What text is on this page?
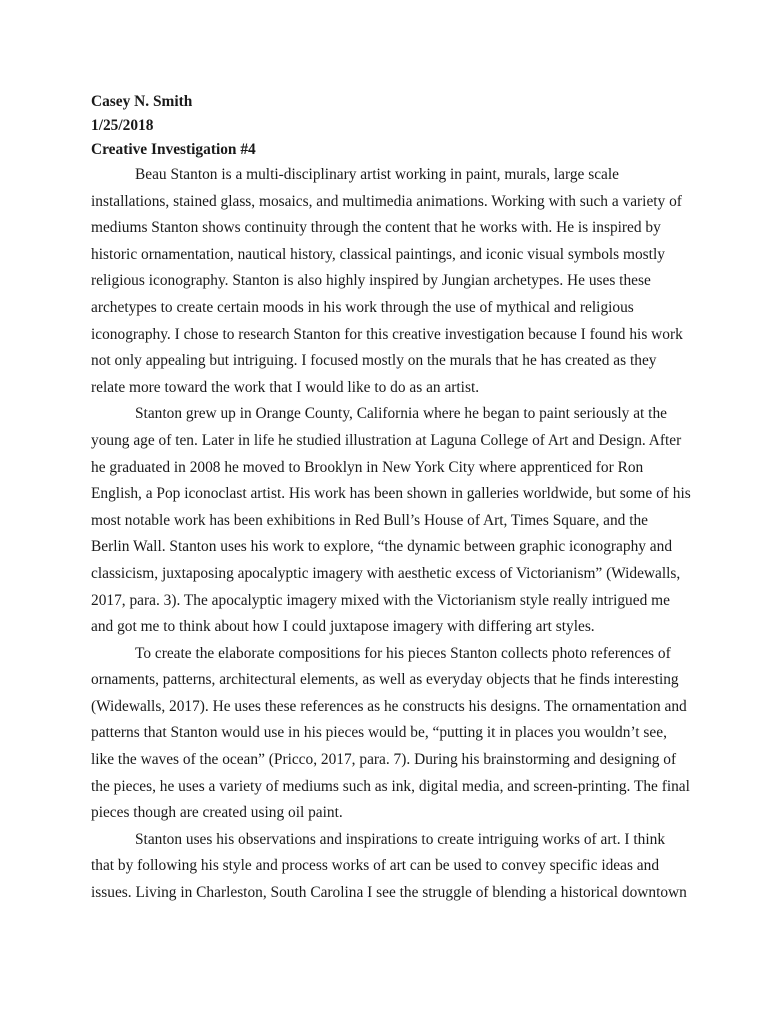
Casey N. Smith
1/25/2018
Creative Investigation #4
Beau Stanton is a multi-disciplinary artist working in paint, murals, large scale
installations, stained glass, mosaics, and multimedia animations. Working with such a variety of
mediums Stanton shows continuity through the content that he works with. He is inspired by
historic ornamentation, nautical history, classical paintings, and iconic visual symbols mostly
religious iconography. Stanton is also highly inspired by Jungian archetypes. He uses these
archetypes to create certain moods in his work through the use of mythical and religious
iconography. I chose to research Stanton for this creative investigation because I found his work
not only appealing but intriguing. I focused mostly on the murals that he has created as they
relate more toward the work that I would like to do as an artist.
Stanton grew up in Orange County, California where he began to paint seriously at the
young age of ten. Later in life he studied illustration at Laguna College of Art and Design. After
he graduated in 2008 he moved to Brooklyn in New York City where apprenticed for Ron
English, a Pop iconoclast artist. His work has been shown in galleries worldwide, but some of his
most notable work has been exhibitions in Red Bull’s House of Art, Times Square, and the
Berlin Wall. Stanton uses his work to explore, “the dynamic between graphic iconography and
classicism, juxtaposing apocalyptic imagery with aesthetic excess of Victorianism” (Widewalls,
2017, para. 3). The apocalyptic imagery mixed with the Victorianism style really intrigued me
and got me to think about how I could juxtapose imagery with differing art styles.
To create the elaborate compositions for his pieces Stanton collects photo references of
ornaments, patterns, architectural elements, as well as everyday objects that he finds interesting
(Widewalls, 2017). He uses these references as he constructs his designs. The ornamentation and
patterns that Stanton would use in his pieces would be, “putting it in places you wouldn’t see,
like the waves of the ocean” (Pricco, 2017, para. 7). During his brainstorming and designing of
the pieces, he uses a variety of mediums such as ink, digital media, and screen-printing. The final
pieces though are created using oil paint.
Stanton uses his observations and inspirations to create intriguing works of art. I think
that by following his style and process works of art can be used to convey specific ideas and
issues. Living in Charleston, South Carolina I see the struggle of blending a historical downtown
